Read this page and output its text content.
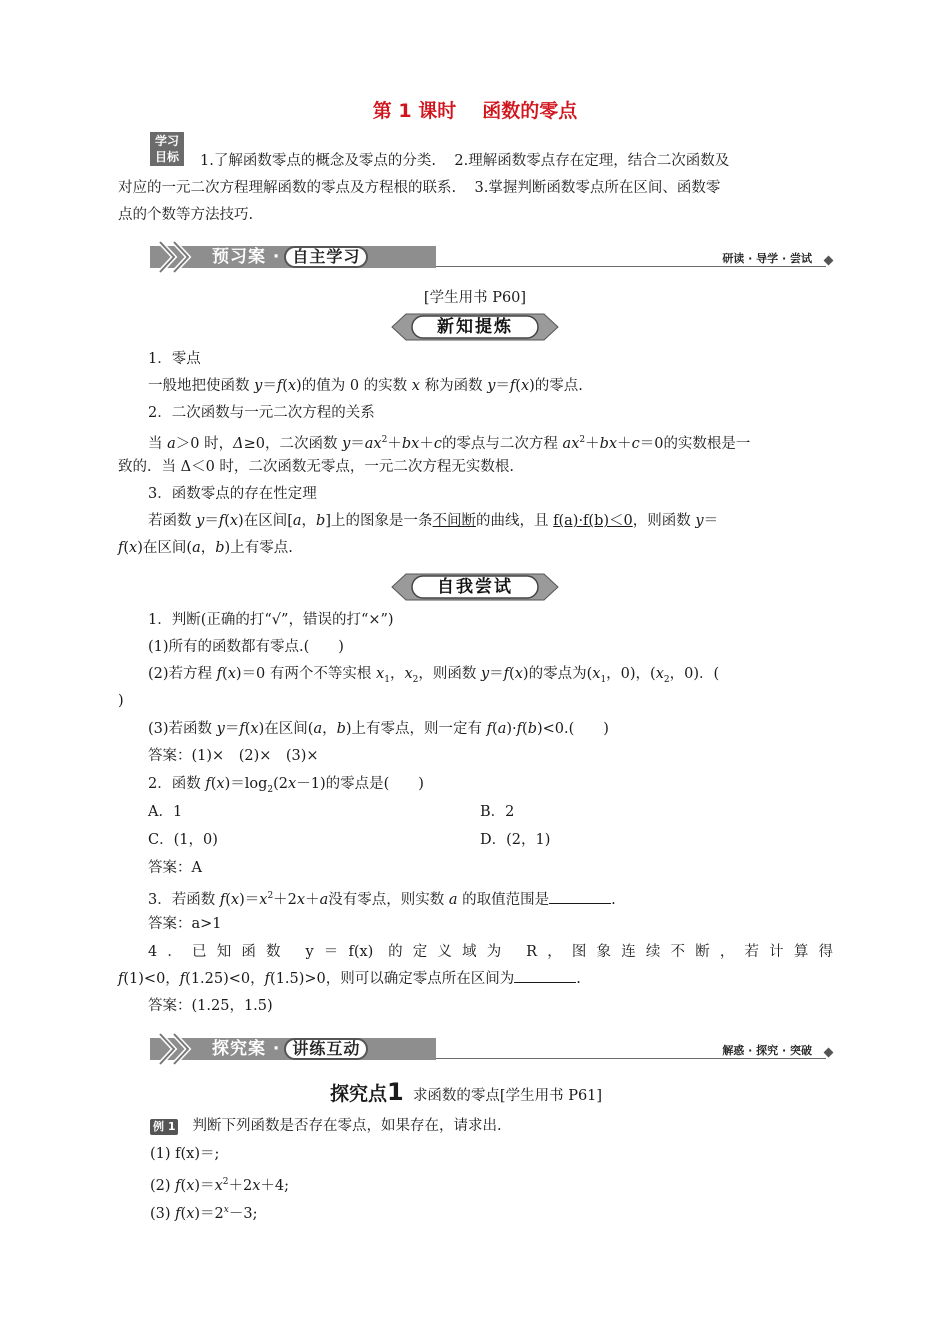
第 1 课时 函数的零点
学习
目标	1.了解函数零点的概念及零点的分类.    2.理解函数零点存在定理，结合二次函数及
对应的一元二次方程理解函数的零点及方程根的联系.    3.掌握判断函数零点所在区间、函数零
点的个数等方法技巧.
预习案 · 自主学习	研读 · 导学 · 尝试
[学生用书 P60]
新知提炼
1．零点
一般地把使函数 y＝f(x)的值为 0 的实数 x 称为函数 y＝f(x)的零点.
2．二次函数与一元二次方程的关系
当 a＞0 时，Δ≥0，二次函数 $y=ax^2+bx+c$的零点与二次方程 $ax^2+bx+c=0$的实数根是一
致的．当 Δ＜0 时，二次函数无零点，一元二次方程无实数根.
3．函数零点的存在性定理
若函数 y＝f(x)在区间[a，b]上的图象是一条不间断的曲线，且 f(a)·f(b)＜0，则函数 y＝
f(x)在区间(a，b)上有零点.
自我尝试
1．判断(正确的打“√”，错误的打“×”)
(1)所有的函数都有零点.(　　)
(2)若方程 f(x)＝0 有两个不等实根 $x_1$，$x_2$，则函数 y＝f(x)的零点为($x_1$，0)，($x_2$，0)．(
)
(3)若函数 y＝f(x)在区间(a，b)上有零点，则一定有 f(a)·f(b)<0.(　　)
答案：(1)×　(2)×　(3)×
2．函数 $f(x)=\log_2(2x-1)$的零点是(　　)
A．1	B．2
C．(1，0)	D．(2，1)
答案：A
3．若函数 $f(x)=x^2+2x+a$没有零点，则实数 a 的取值范围是	.
答案：a>1
4．已知函数 y＝f(x) 的定义域为 R，图象连续不断，若计算得
f(1)<0，f(1.25)<0，f(1.5)>0，则可以确定零点所在区间为	.
答案：(1.25，1.5)
探究案 · 讲练互动	解惑 · 探究 · 突破
探究点1 求函数的零点[学生用书 P61]
例 1 判断下列函数是否存在零点，如果存在，请求出.
(1) f(x)＝;
(2) $f(x)=x^2+2x+4$;
(3) $f(x)=2^x-3$;
